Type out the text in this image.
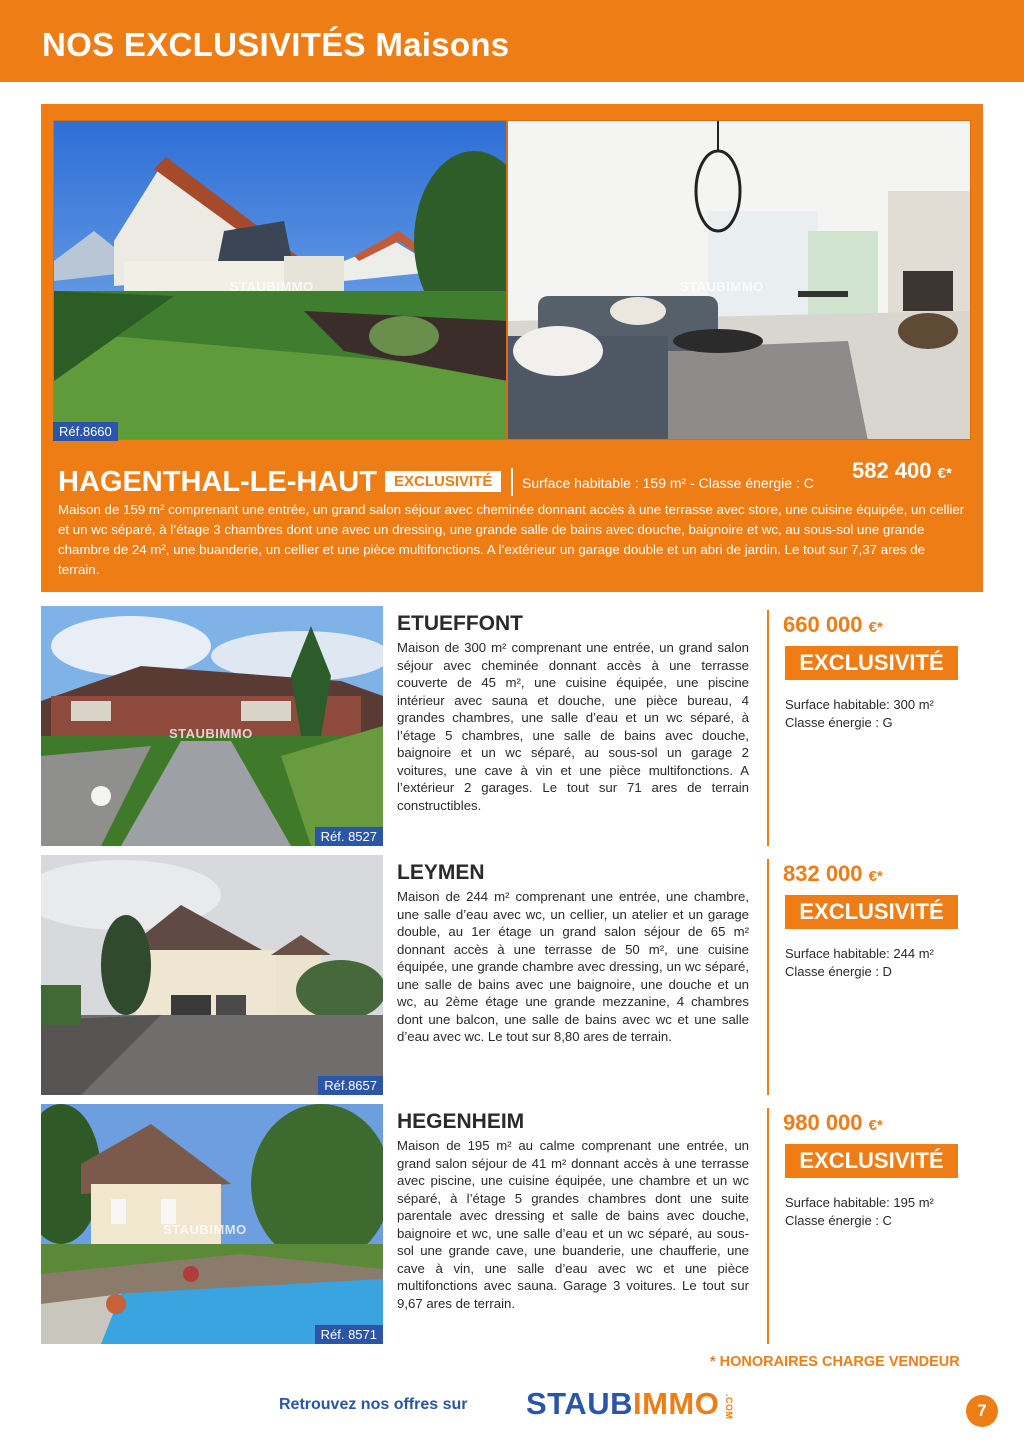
NOS EXCLUSIVITÉS Maisons
STAUBIMMO	STAUBIMMO
Réf.8660
HAGENTHAL-LE-HAUT	EXCLUSIVITÉ	Surface habitable : 159 m² - Classe énergie : C 582 400 €*
Maison de 159 m² comprenant une entrée, un grand salon séjour avec cheminée donnant accès à une terrasse avec store, une cuisine équipée, un cellier et un wc séparé, à l’étage 3 chambres dont une avec un dressing, une grande salle de bains avec douche, baignoire et wc, au sous-sol une grande chambre de 24 m², une buanderie, un cellier et une pièce multifonctions. A l’extérieur un garage double et un abri de jardin. Le tout sur 7,37 ares de terrain.
STAUBIMMO
Réf. 8527
ETUEFFONT
Maison de 300 m² comprenant une entrée, un grand salon séjour avec cheminée donnant accès à une terrasse couverte de 45 m², une cuisine équipée, une piscine intérieur avec sauna et douche, une pièce bureau, 4 grandes chambres, une salle d’eau et un wc séparé, à l’étage 5 chambres, une salle de bains avec douche, baignoire et un wc séparé, au sous-sol un garage 2 voitures, une cave à vin et une pièce multifonctions. A l’extérieur 2 garages. Le tout sur 71 ares de terrain constructibles.
660 000 €*
EXCLUSIVITÉ
Surface habitable: 300 m²
Classe énergie : G
Réf.8657
LEYMEN
Maison de 244 m² comprenant une entrée, une chambre, une salle d’eau avec wc, un cellier, un atelier et un garage double, au 1er étage un grand salon séjour de 65 m² donnant accès à une terrasse de 50 m², une cuisine équipée, une grande chambre avec dressing, un wc séparé, une salle de bains avec une baignoire, une douche et un wc, au 2ème étage une grande mezzanine, 4 chambres dont une balcon, une salle de bains avec wc et une salle d’eau avec wc. Le tout sur 8,80 ares de terrain.
832 000 €*
EXCLUSIVITÉ
Surface habitable: 244 m²
Classe énergie : D
STAUBIMMO
Réf. 8571
HEGENHEIM
Maison de 195 m² au calme comprenant une entrée, un grand salon séjour de 41 m² donnant accès à une terrasse avec piscine, une cuisine équipée, une chambre et un wc séparé, à l’étage 5 grandes chambres dont une suite parentale avec dressing et salle de bains avec douche, baignoire et wc, une salle d’eau et un wc séparé, au sous-sol une grande cave, une buanderie, une chaufferie, une cave à vin, une salle d’eau avec wc et une pièce multifonctions avec sauna. Garage 3 voitures. Le tout sur 9,67 ares de terrain.
980 000 €*
EXCLUSIVITÉ
Surface habitable: 195 m²
Classe énergie : C
* HONORAIRES CHARGE VENDEUR
Retrouvez nos offres sur STAUBIMMO .COM	7
